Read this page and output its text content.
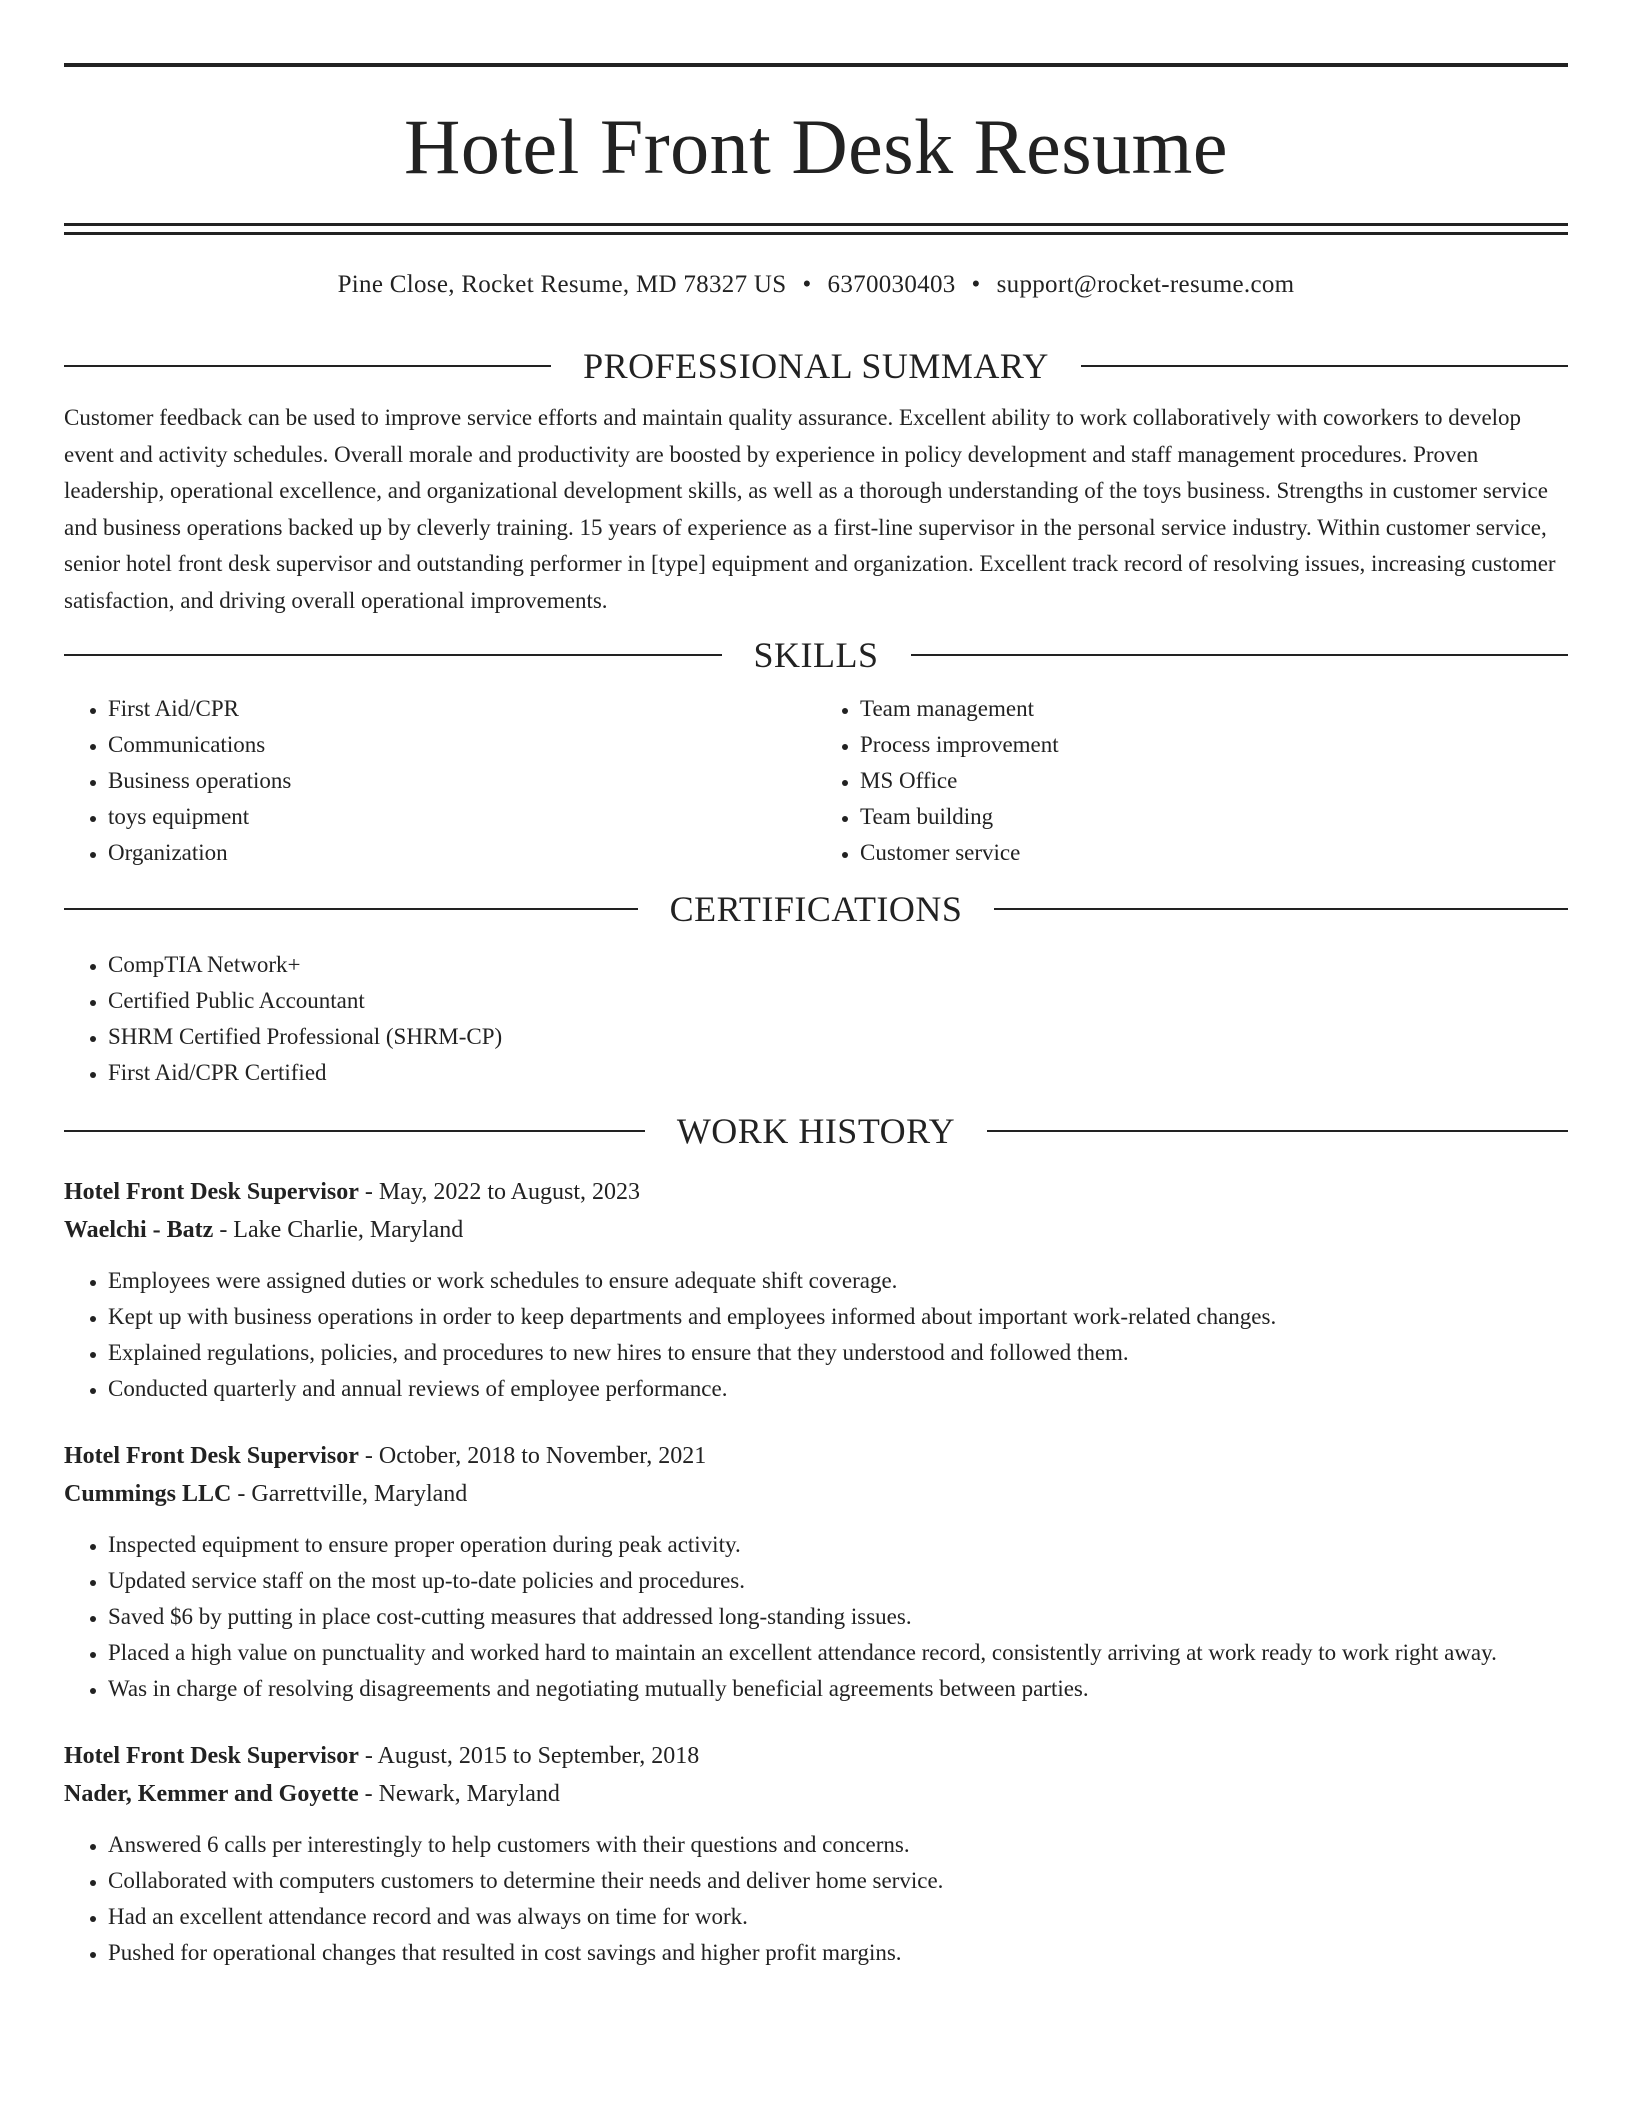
Hotel Front Desk Resume
Pine Close, Rocket Resume, MD 78327 US • 6370030403 • support@rocket-resume.com
PROFESSIONAL SUMMARY

Customer feedback can be used to improve service efforts and maintain quality assurance. Excellent ability to work collaboratively with coworkers to develop event and activity schedules. Overall morale and productivity are boosted by experience in policy development and staff management procedures. Proven leadership, operational excellence, and organizational development skills, as well as a thorough understanding of the toys business. Strengths in customer service and business operations backed up by cleverly training. 15 years of experience as a first-line supervisor in the personal service industry. Within customer service, senior hotel front desk supervisor and outstanding performer in [type] equipment and organization. Excellent track record of resolving issues, increasing customer satisfaction, and driving overall operational improvements.

SKILLS
• First Aid/CPR
• Communications
• Business operations
• toys equipment
• Organization
• Team management
• Process improvement
• MS Office
• Team building
• Customer service
CERTIFICATIONS
• CompTIA Network+
• Certified Public Accountant
• SHRM Certified Professional (SHRM-CP)
• First Aid/CPR Certified
WORK HISTORY

Hotel Front Desk Supervisor - May, 2022 to August, 2023

Waelchi - Batz - Lake Charlie, Maryland

• Employees were assigned duties or work schedules to ensure adequate shift coverage.
• Kept up with business operations in order to keep departments and employees informed about important work-related changes.
• Explained regulations, policies, and procedures to new hires to ensure that they understood and followed them.
• Conducted quarterly and annual reviews of employee performance.

Hotel Front Desk Supervisor - October, 2018 to November, 2021

Cummings LLC - Garrettville, Maryland

• Inspected equipment to ensure proper operation during peak activity.
• Updated service staff on the most up-to-date policies and procedures.
• Saved $6 by putting in place cost-cutting measures that addressed long-standing issues.
• Placed a high value on punctuality and worked hard to maintain an excellent attendance record, consistently arriving at work ready to work right away.
• Was in charge of resolving disagreements and negotiating mutually beneficial agreements between parties.

Hotel Front Desk Supervisor - August, 2015 to September, 2018

Nader, Kemmer and Goyette - Newark, Maryland

• Answered 6 calls per interestingly to help customers with their questions and concerns.
• Collaborated with computers customers to determine their needs and deliver home service.
• Had an excellent attendance record and was always on time for work.
• Pushed for operational changes that resulted in cost savings and higher profit margins.
